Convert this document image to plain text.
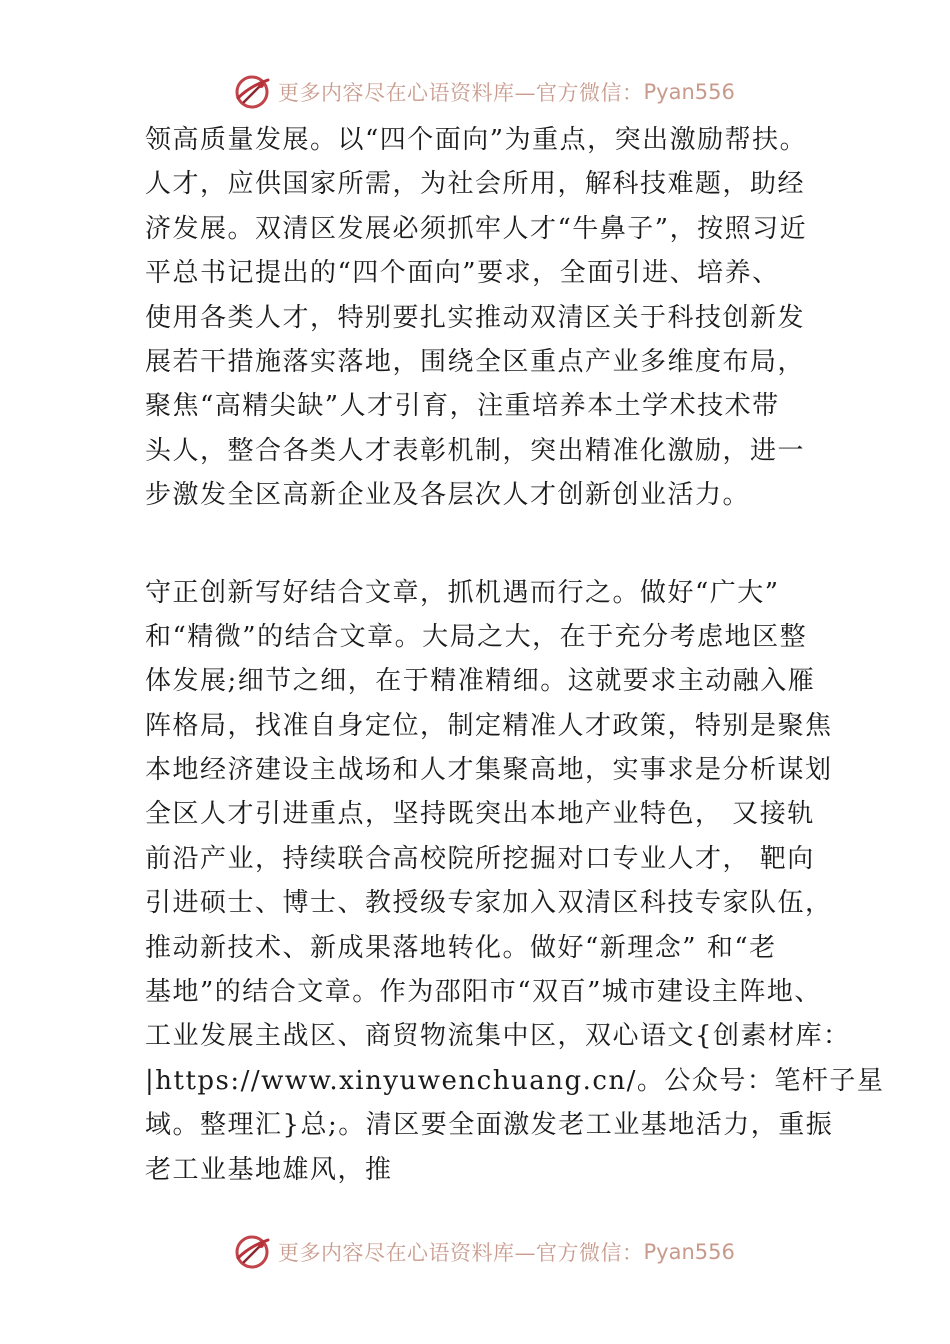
更多内容尽在心语资料库—官方微信： Pyan556
领高质量发展。以“四个面向”为重点，突出激励帮扶。
人才，应供国家所需，为社会所用，解科技难题，助经
济发展。双清区发展必须抓牢人才“牛鼻子”，按照习近
平总书记提出的“四个面向”要求，全面引进、培养、
使用各类人才，特别要扎实推动双清区关于科技创新发
展若干措施落实落地，围绕全区重点产业多维度布局，
聚焦“高精尖缺”人才引育，注重培养本土学术技术带
头人，整合各类人才表彰机制，突出精准化激励，进一
步激发全区高新企业及各层次人才创新创业活力。
守正创新写好结合文章，抓机遇而行之。做好“广大”
和“精微”的结合文章。大局之大，在于充分考虑地区整
体发展;细节之细，在于精准精细。这就要求主动融入雁
阵格局，找准自身定位，制定精准人才政策，特别是聚焦
本地经济建设主战场和人才集聚高地，实事求是分析谋划
全区人才引进重点，坚持既突出本地产业特色， 又接轨
前沿产业，持续联合高校院所挖掘对口专业人才， 靶向
引进硕士、博士、教授级专家加入双清区科技专家队伍，
推动新技术、新成果落地转化。做好“新理念” 和“老
基地”的结合文章。作为邵阳市“双百”城市建设主阵地、
工业发展主战区、商贸物流集中区，双心语文{创素材库：
|https://www.xinyuwenchuang.cn/。公众号：笔杆子星
域。整理汇}总;。清区要全面激发老工业基地活力，重振
老工业基地雄风，推
更多内容尽在心语资料库—官方微信： Pyan556
